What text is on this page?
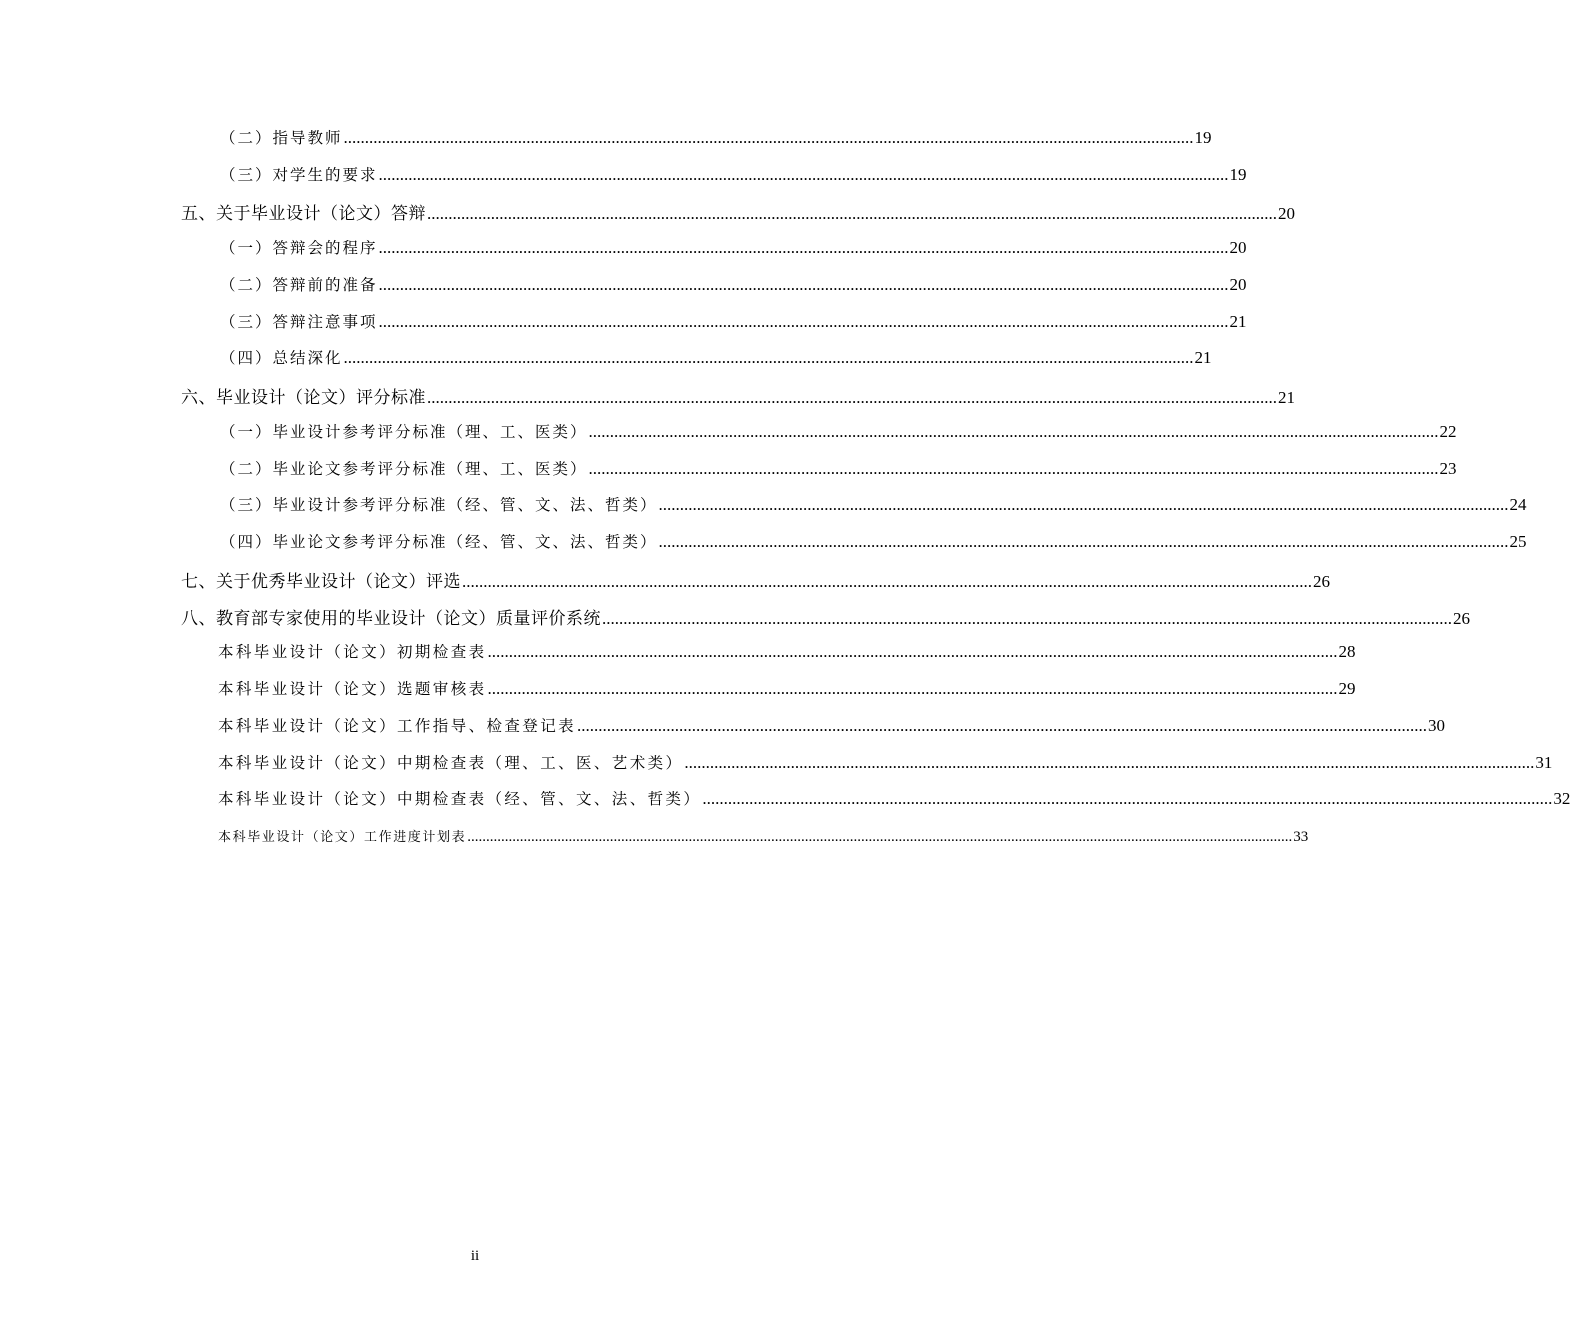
（二）指导教师 ........................................................................................................................................................................................................ 19
（三）对学生的要求 ........................................................................................................................................................................................................ 19
五、关于毕业设计（论文）答辩 ........................................................................................................................................................................................................ 20
（一）答辩会的程序 ........................................................................................................................................................................................................ 20
（二）答辩前的准备 ........................................................................................................................................................................................................ 20
（三）答辩注意事项 ........................................................................................................................................................................................................ 21
（四）总结深化 ........................................................................................................................................................................................................ 21
六、毕业设计（论文）评分标准 ........................................................................................................................................................................................................ 21
（一）毕业设计参考评分标准（理、工、医类） ........................................................................................................................................................................................................ 22
（二）毕业论文参考评分标准（理、工、医类） ........................................................................................................................................................................................................ 23
（三）毕业设计参考评分标准（经、管、文、法、哲类） ........................................................................................................................................................................................................ 24
（四）毕业论文参考评分标准（经、管、文、法、哲类） ........................................................................................................................................................................................................ 25
七、关于优秀毕业设计（论文）评选 ........................................................................................................................................................................................................ 26
八、教育部专家使用的毕业设计（论文）质量评价系统 ........................................................................................................................................................................................................ 26
本科毕业设计（论文）初期检查表 ........................................................................................................................................................................................................ 28
本科毕业设计（论文）选题审核表 ........................................................................................................................................................................................................ 29
本科毕业设计（论文）工作指导、检查登记表 ........................................................................................................................................................................................................ 30
本科毕业设计（论文）中期检查表（理、工、医、艺术类） ........................................................................................................................................................................................................ 31
本科毕业设计（论文）中期检查表（经、管、文、法、哲类） ........................................................................................................................................................................................................ 32
本科毕业设计（论文）工作进度计划表 ............................................................................................................................................................................................................................ 33
ii
